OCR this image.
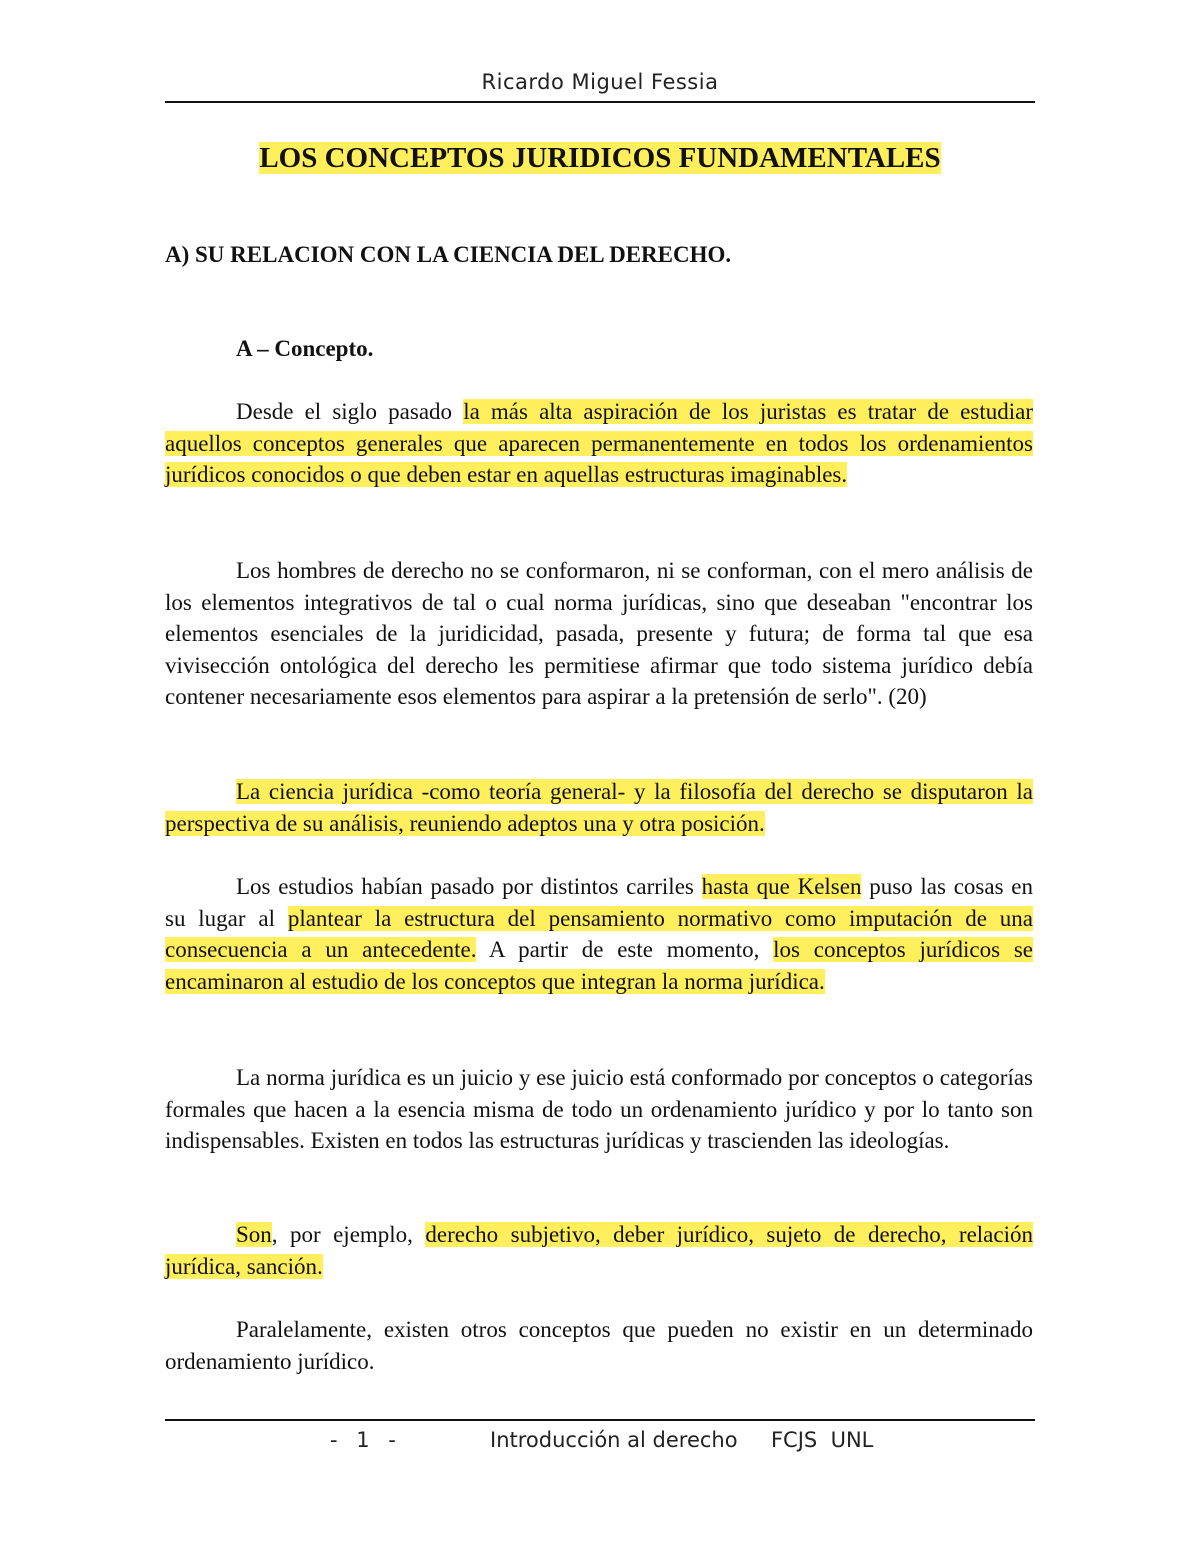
Ricardo Miguel Fessia
LOS CONCEPTOS JURIDICOS FUNDAMENTALES
A) SU RELACION CON LA CIENCIA DEL DERECHO.
A – Concepto.

Desde el siglo pasado la más alta aspiración de los juristas es tratar de estudiar aquellos conceptos generales que aparecen permanentemente en todos los ordenamientos jurídicos conocidos o que deben estar en aquellas estructuras imaginables.

Los hombres de derecho no se conformaron, ni se conforman, con el mero análisis de los elementos integrativos de tal o cual norma jurídicas, sino que deseaban "encontrar los elementos esenciales de la juridicidad, pasada, presente y futura; de forma tal que esa vivisección ontológica del derecho les permitiese afirmar que todo sistema jurídico debía contener necesariamente esos elementos para aspirar a la pretensión de serlo". (20)

La ciencia jurídica -como teoría general- y la filosofía del derecho se disputaron la perspectiva de su análisis, reuniendo adeptos una y otra posición.

Los estudios habían pasado por distintos carriles hasta que Kelsen puso las cosas en su lugar al plantear la estructura del pensamiento normativo como imputación de una consecuencia a un antecedente. A partir de este momento, los conceptos jurídicos se encaminaron al estudio de los conceptos que integran la norma jurídica.

La norma jurídica es un juicio y ese juicio está conformado por conceptos o categorías formales que hacen a la esencia misma de todo un ordenamiento jurídico y por lo tanto son indispensables. Existen en todos las estructuras jurídicas y trascienden las ideologías.

Son, por ejemplo, derecho subjetivo, deber jurídico, sujeto de derecho, relación jurídica, sanción.

Paralelamente, existen otros conceptos que pueden no existir en un determinado ordenamiento jurídico.

- 1 -	Introducción al derecho     FCJS  UNL
